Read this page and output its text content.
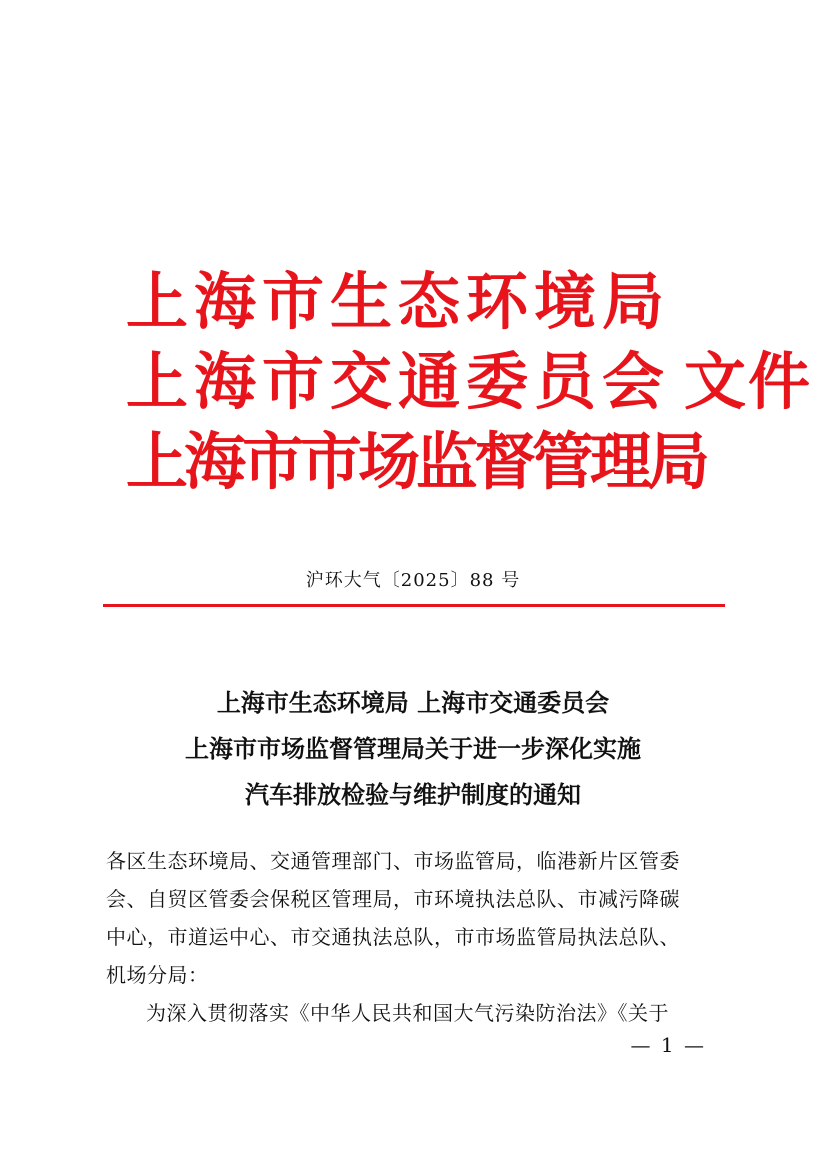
上海市生态环境局
上海市交通委员会 文件
上海市市场监督管理局
沪环大气〔2025〕88 号
上海市生态环境局 上海市交通委员会
上海市市场监督管理局关于进一步深化实施
汽车排放检验与维护制度的通知
各区生态环境局、交通管理部门、市场监管局，临港新片区管委
会、自贸区管委会保税区管理局，市环境执法总队、市减污降碳
中心，市道运中心、市交通执法总队，市市场监管局执法总队、
机场分局：
为深入贯彻落实《中华人民共和国大气污染防治法》《关于
— 1 —
